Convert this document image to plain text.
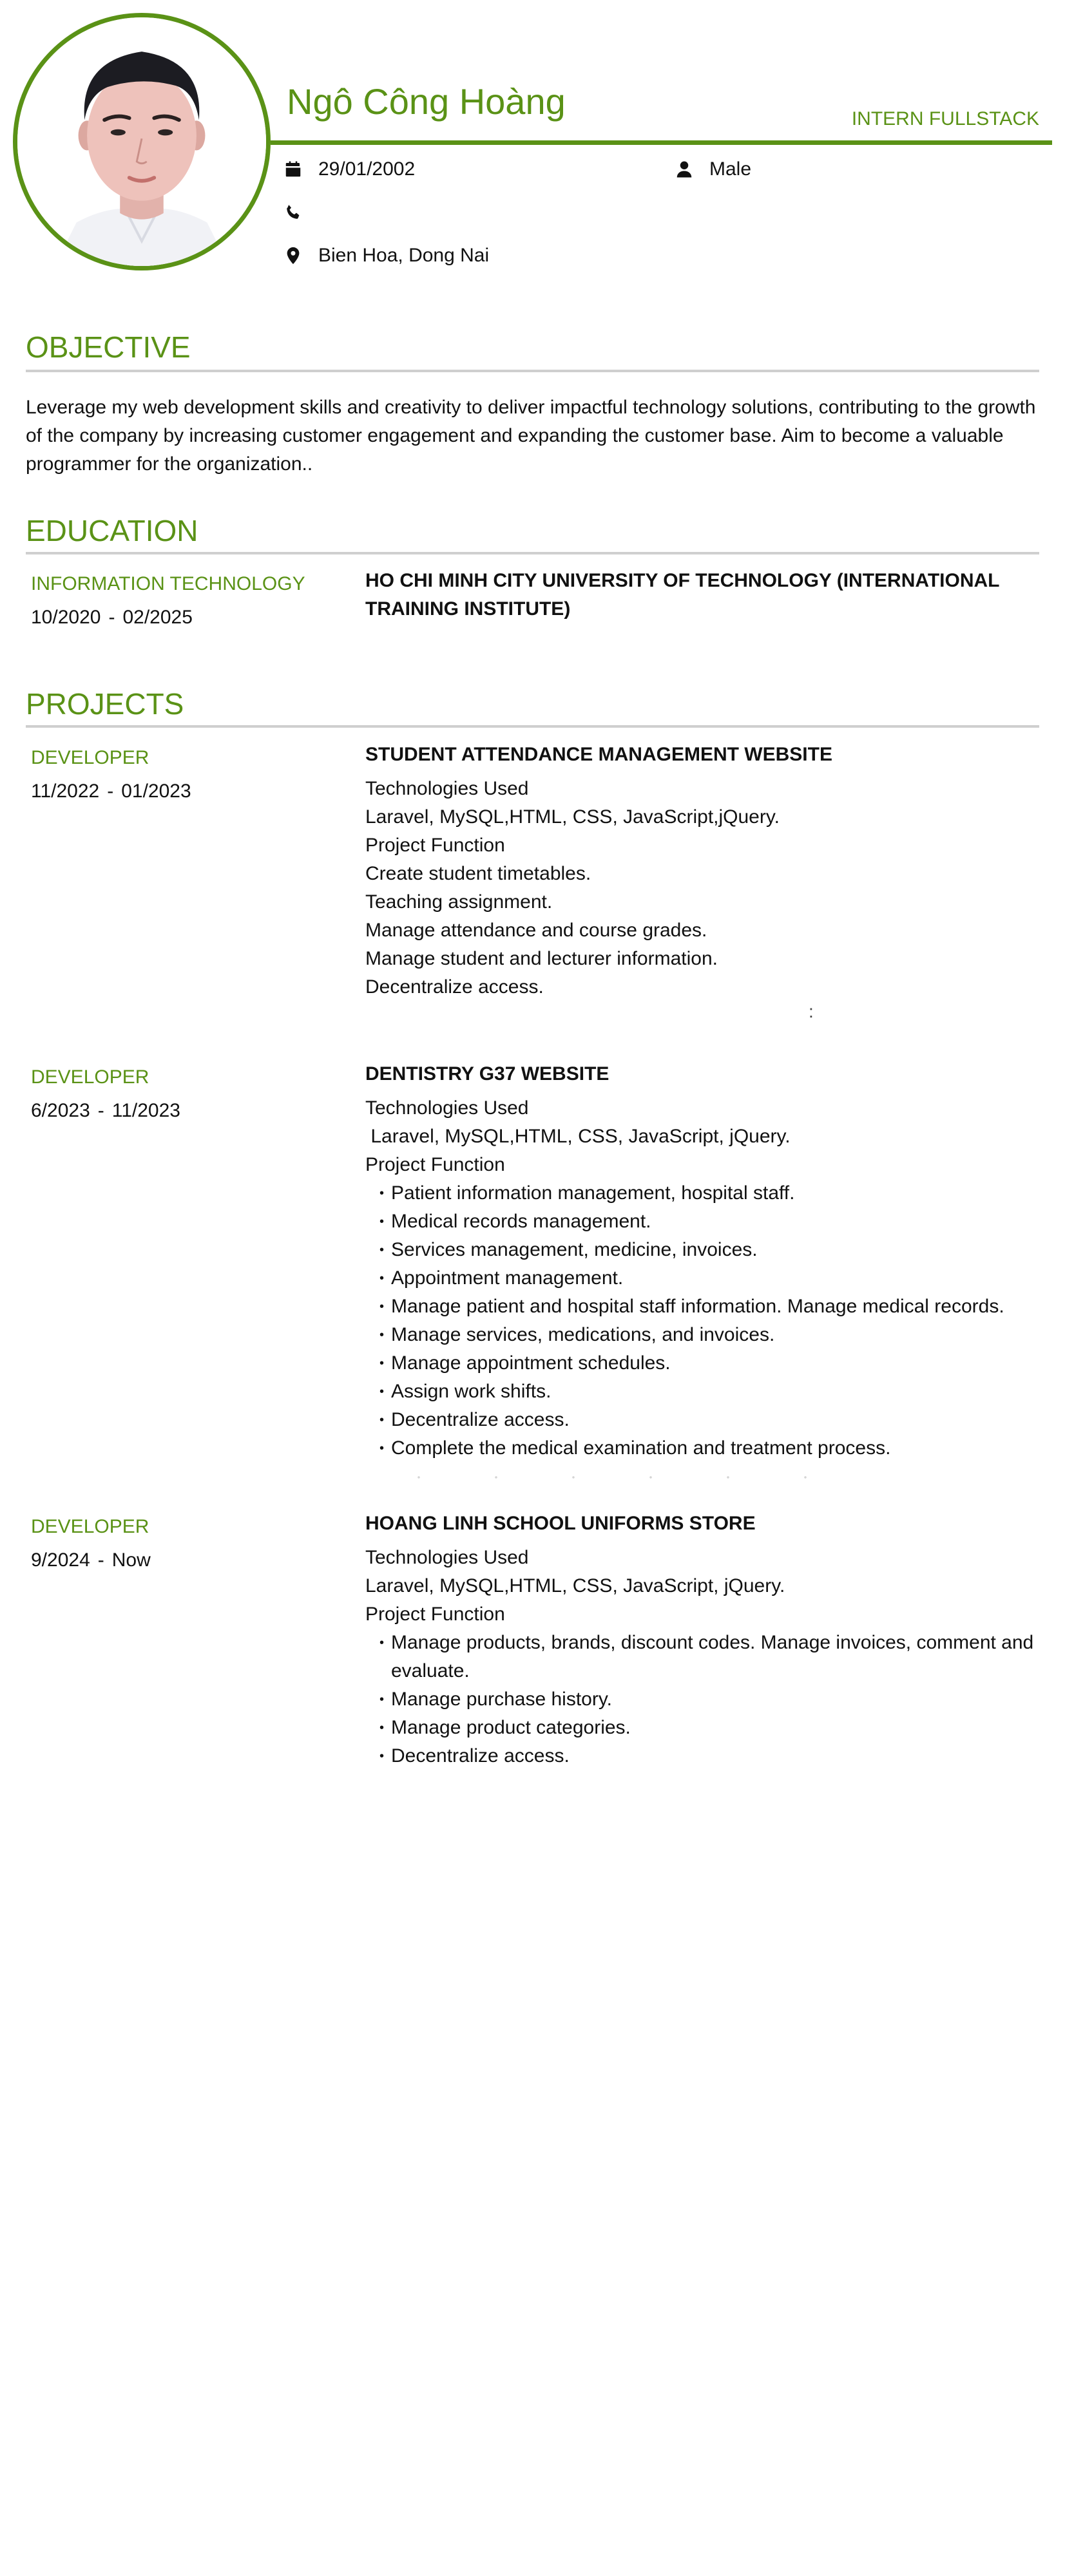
Ngô Công Hoàng	INTERN FULLSTACK
29/01/2002	Male
Bien Hoa, Dong Nai
OBJECTIVE
Leverage my web development skills and creativity to deliver impactful technology solutions, contributing to the growth of the company by increasing customer engagement and expanding the customer base. Aim to become a valuable programmer for the organization..
EDUCATION
INFORMATION TECHNOLOGY
10/2020 - 02/2025
HO CHI MINH CITY UNIVERSITY OF TECHNOLOGY (INTERNATIONAL TRAINING INSTITUTE)
PROJECTS
DEVELOPER
11/2022 - 01/2023
STUDENT ATTENDANCE MANAGEMENT WEBSITE
Technologies Used
Laravel, MySQL,HTML, CSS, JavaScript,jQuery.
Project Function
Create student timetables.
Teaching assignment.
Manage attendance and course grades.
Manage student and lecturer information.
Decentralize access.
:
DEVELOPER
6/2023 - 11/2023
DENTISTRY G37 WEBSITE
Technologies Used
Laravel, MySQL,HTML, CSS, JavaScript, jQuery.
Project Function
• Patient information management, hospital staff.
• Medical records management.
• Services management, medicine, invoices.
• Appointment management.
• Manage patient and hospital staff information. Manage medical records.
• Manage services, medications, and invoices.
• Manage appointment schedules.
• Assign work shifts.
• Decentralize access.
• Complete the medical examination and treatment process.
DEVELOPER
9/2024 - Now
HOANG LINH SCHOOL UNIFORMS STORE
Technologies Used
Laravel, MySQL,HTML, CSS, JavaScript, jQuery.
Project Function
• Manage products, brands, discount codes. Manage invoices, comment and evaluate.
• Manage purchase history.
• Manage product categories.
• Decentralize access.
